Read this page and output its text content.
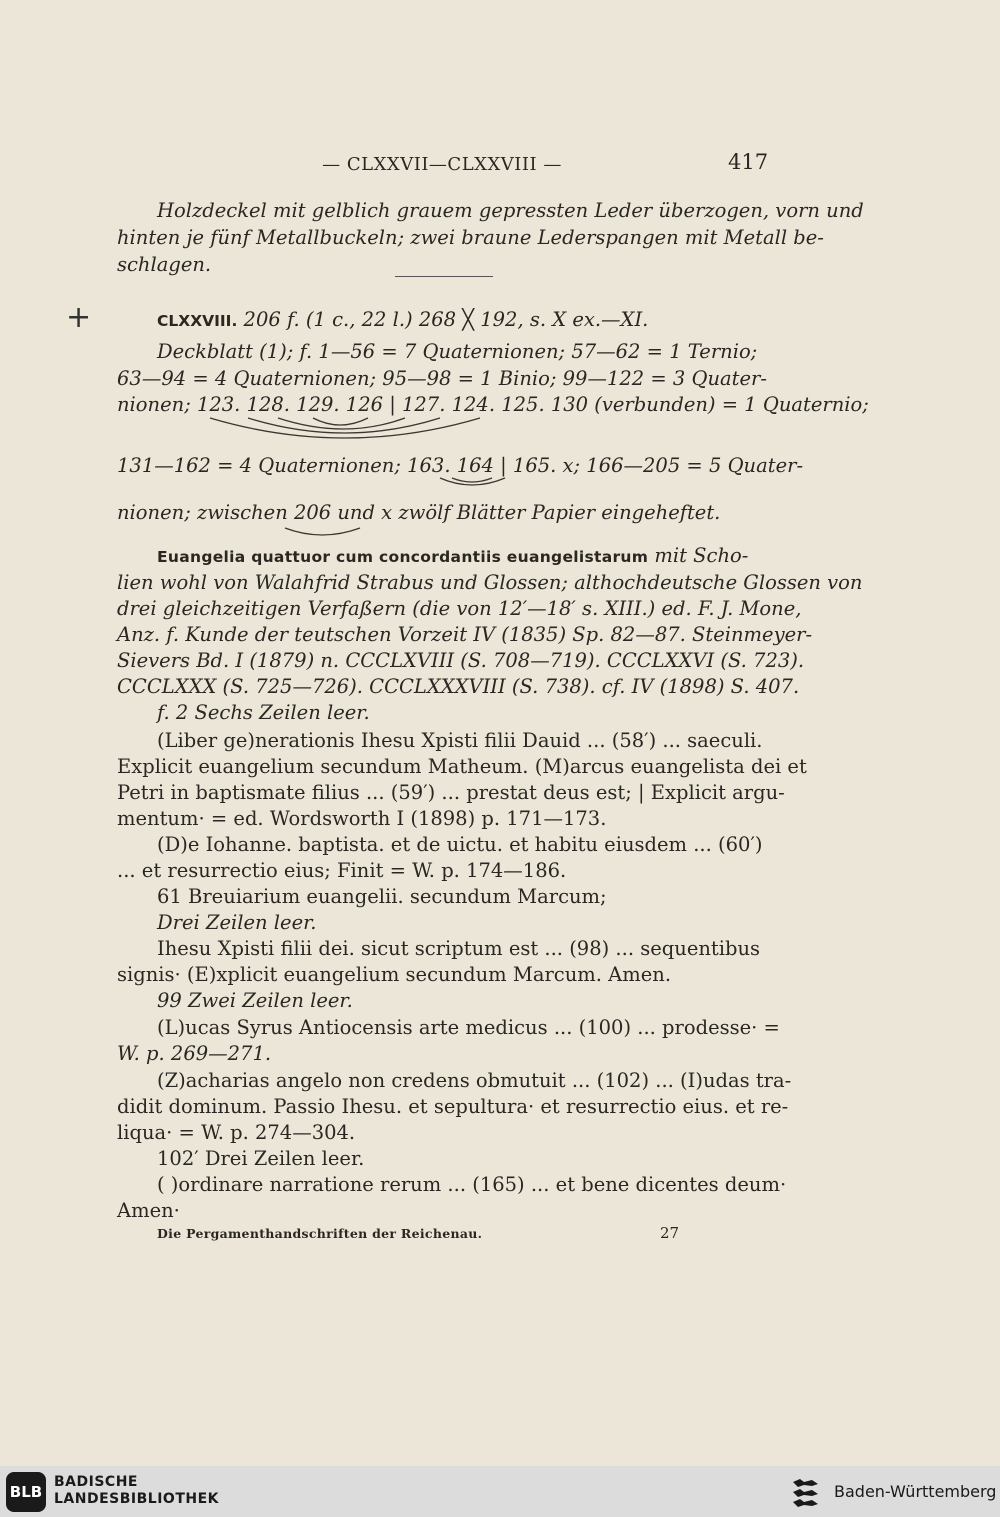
— CLXXVII—CLXXVIII —	417
Holzdeckel mit gelblich grauem gepressten Leder überzogen, vorn und
hinten je fünf Metallbuckeln; zwei braune Lederspangen mit Metall be-
schlagen.
+	CLXXVIII. 206 f. (1 c., 22 l.) 268 ╳ 192, s. X ex.—XI.
Deckblatt (1); f. 1—56 = 7 Quaternionen; 57—62 = 1 Ternio;
63—94 = 4 Quaternionen; 95—98 = 1 Binio; 99—122 = 3 Quater-
nionen; 123. 128. 129. 126 | 127. 124. 125. 130 (verbunden) = 1 Quaternio;
131—162 = 4 Quaternionen; 163. 164 | 165. x; 166—205 = 5 Quater-
nionen; zwischen 206 und x zwölf Blätter Papier eingeheftet.
Euangelia quattuor cum concordantiis euangelistarum mit Scho-
lien wohl von Walahfrid Strabus und Glossen; althochdeutsche Glossen von
drei gleichzeitigen Verfaßern (die von 12′—18′ s. XIII.) ed. F. J. Mone,
Anz. f. Kunde der teutschen Vorzeit IV (1835) Sp. 82—87. Steinmeyer-
Sievers Bd. I (1879) n. CCCLXVIII (S. 708—719). CCCLXXVI (S. 723).
CCCLXXX (S. 725—726). CCCLXXXVIII (S. 738). cf. IV (1898) S. 407.
f. 2 Sechs Zeilen leer.
(Liber ge)nerationis Ihesu Xpisti filii Dauid ... (58′) ... saeculi.
Explicit euangelium secundum Matheum. (M)arcus euangelista dei et
Petri in baptismate filius ... (59′) ... prestat deus est; | Explicit argu-
mentum· = ed. Wordsworth I (1898) p. 171—173.
(D)e Iohanne. baptista. et de uictu. et habitu eiusdem ... (60′)
... et resurrectio eius; Finit = W. p. 174—186.
61 Breuiarium euangelii. secundum Marcum;
Drei Zeilen leer.
Ihesu Xpisti filii dei. sicut scriptum est ... (98) ... sequentibus
signis· (E)xplicit euangelium secundum Marcum. Amen.
99 Zwei Zeilen leer.
(L)ucas Syrus Antiocensis arte medicus ... (100) ... prodesse· =
W. p. 269—271.
(Z)acharias angelo non credens obmutuit ... (102) ... (I)udas tra-
didit dominum. Passio Ihesu. et sepultura· et resurrectio eius. et re-
liqua· = W. p. 274—304.
102′ Drei Zeilen leer.
( )ordinare narratione rerum ... (165) ... et bene dicentes deum·
Amen·
Die Pergamenthandschriften der Reichenau.	27
BLB
BADISCHE
LANDESBIBLIOTHEK	Baden-Württemberg
